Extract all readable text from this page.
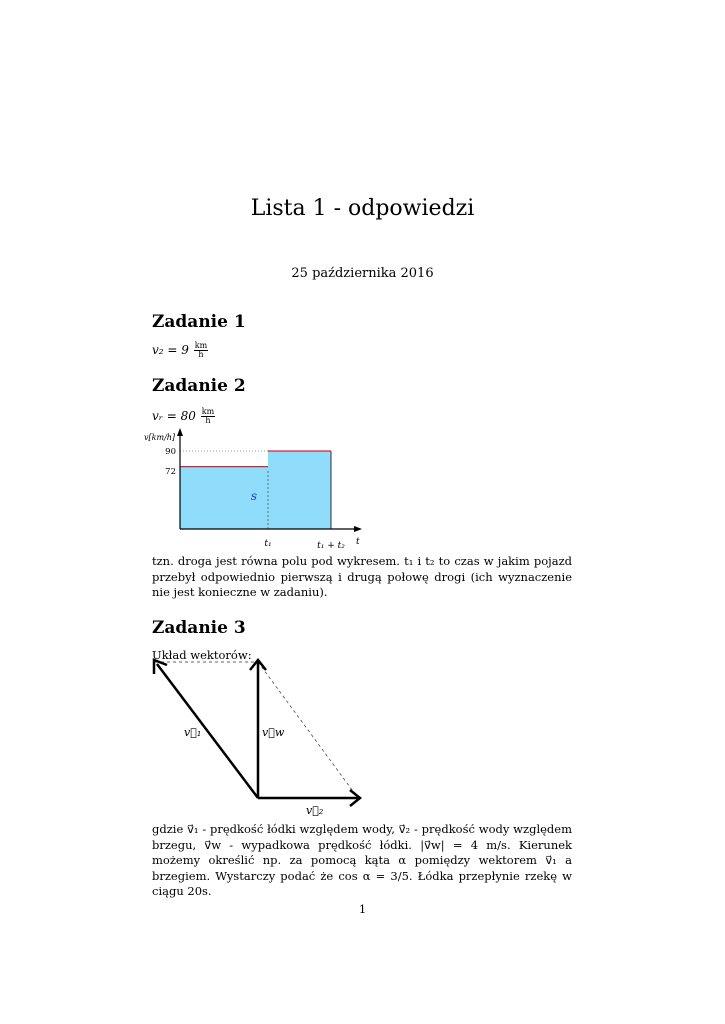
Lista 1 - odpowiedzi
25 października 2016
Zadanie 1
$v_2 = 9 \frac{km}{h}$
Zadanie 2
vᵣ = $80 \frac{km}{h}$
v[km/h]
90
72
t₁	t₁ + t₂ t
s
tzn. droga jest równa polu pod wykresem. t₁ i t₂ to czas w jakim pojazd przebył odpowiednio pierwszą i drugą połowę drogi (ich wyznaczenie nie jest konieczne w zadaniu).
Zadanie 3
Układ wektorów:
v⃗₁	v⃗w
v⃗₂
gdzie v⃗₁ - prędkość łódki względem wody, v⃗₂ - prędkość wody względem brzegu, v⃗w - wypadkowa prędkość łódki. |v⃗w| = 4 m/s. Kierunek możemy określić np. za pomocą kąta α pomiędzy wektorem v⃗₁ a brzegiem. Wystarczy podać że cos α = 3/5. Łódka przepłynie rzekę w ciągu 20s.
1
